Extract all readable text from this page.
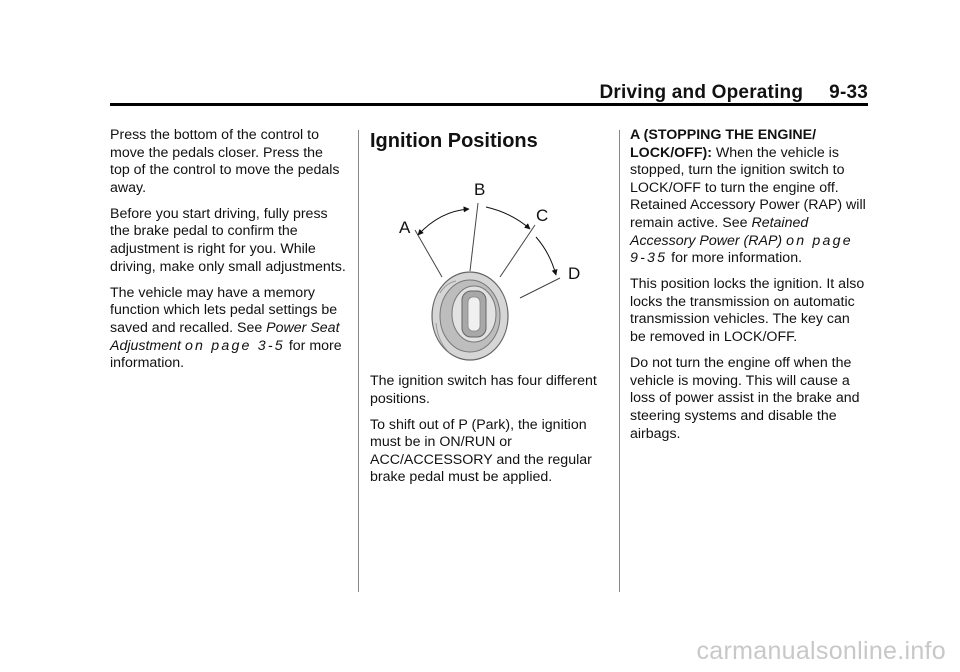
Driving and Operating 9-33

Press the bottom of the control to move the pedals closer. Press the top of the control to move the pedals away.

Before you start driving, fully press the brake pedal to confirm the adjustment is right for you. While driving, make only small adjustments.

The vehicle may have a memory function which lets pedal settings be saved and recalled. See Power Seat Adjustment on page 3-5 for more information.

Ignition Positions
A
B
C
D

The ignition switch has four different positions.

To shift out of P (Park), the ignition must be in ON/RUN or ACC/ACCESSORY and the regular brake pedal must be applied.

A (STOPPING THE ENGINE/ LOCK/OFF): When the vehicle is stopped, turn the ignition switch to LOCK/OFF to turn the engine off. Retained Accessory Power (RAP) will remain active. See Retained Accessory Power (RAP) on page 9-35 for more information.

This position locks the ignition. It also locks the transmission on automatic transmission vehicles. The key can be removed in LOCK/OFF.

Do not turn the engine off when the vehicle is moving. This will cause a loss of power assist in the brake and steering systems and disable the airbags.

carmanualsonline.info
